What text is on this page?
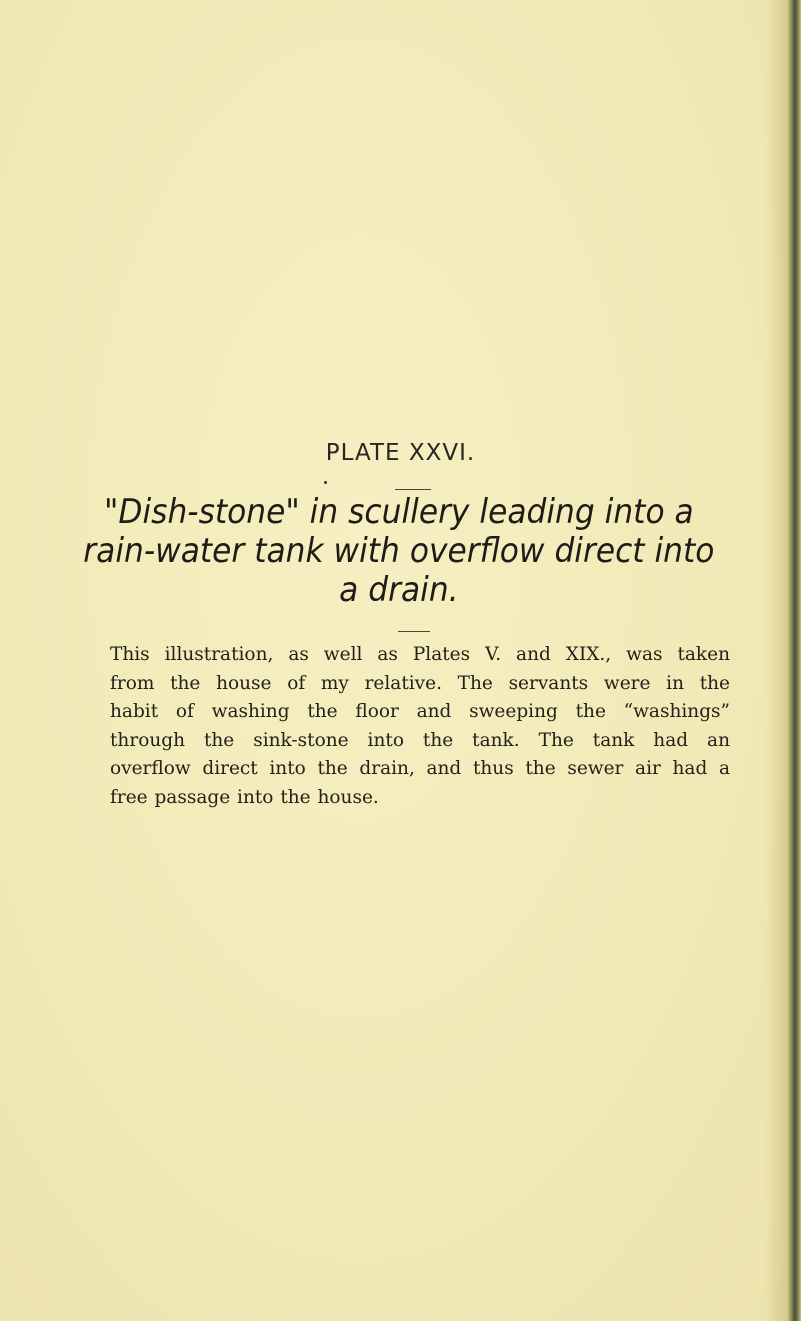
PLATE XXVI.
"Dish-stone" in scullery leading into a
rain-water tank with overflow direct into
a drain.
This illustration, as well as Plates V. and XIX., was taken
from the house of my relative. The servants were in the
habit of washing the floor and sweeping the “washings”
through the sink-stone into the tank. The tank had an
overflow direct into the drain, and thus the sewer air had a
free passage into the house.
